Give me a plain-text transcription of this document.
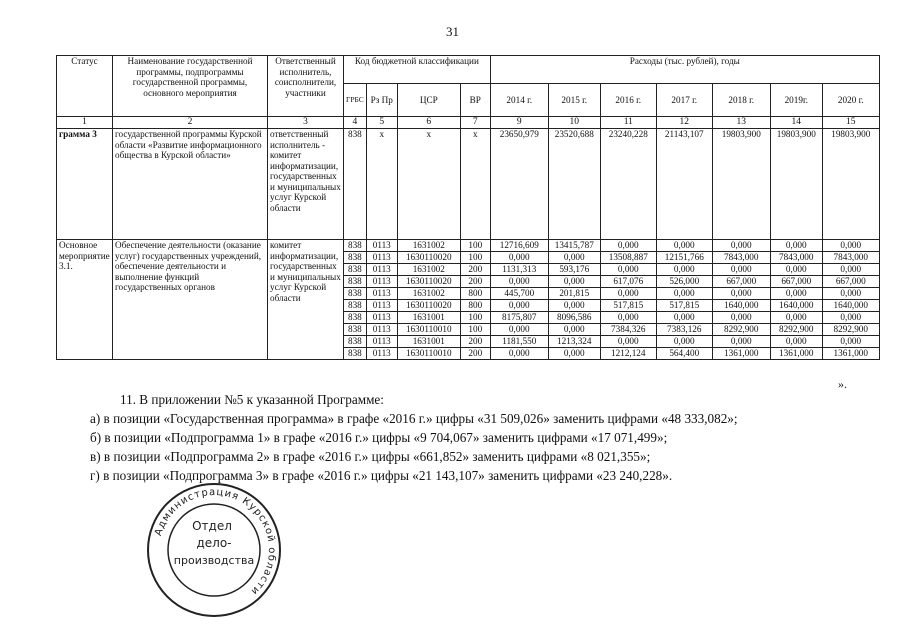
31
Статус	Наименование государственной программы, подпрограммы государственной программы, основного мероприятия	Ответственный исполнитель, соисполнители, участники	Код бюджетной классификации				Расходы (тыс. рублей), годы						
			ГРБС	Рз Пр	ЦСР	ВР	2014 г.	2015 г.	2016 г.	2017 г.	2018 г.	2019г.	2020 г.
1	2	3	4	5	6	7	9	10	11	12	13	14	15
грамма 3	государственной программы Курской области «Развитие информационного общества в Курской области»	ответственный исполнитель - комитет информатизации, государственных и муниципальных услуг Курской области	838	х	х	х	23650,979	23520,688	23240,228	21143,107	19803,900	19803,900	19803,900
Основное мероприятие 3.1.	Обеспечение деятельности (оказание услуг) государственных учреждений, обеспечение деятельности и выполнение функций государственных органов	комитет информатизации, государственных и муниципальных услуг Курской области	838	0113	1631002	100	12716,609	13415,787	0,000	0,000	0,000	0,000	0,000
			838	0113	1630110020	100	0,000	0,000	13508,887	12151,766	7843,000	7843,000	7843,000
			838	0113	1631002	200	1131,313	593,176	0,000	0,000	0,000	0,000	0,000
			838	0113	1630110020	200	0,000	0,000	617,076	526,000	667,000	667,000	667,000
			838	0113	1631002	800	445,700	201,815	0,000	0,000	0,000	0,000	0,000
			838	0113	1630110020	800	0,000	0,000	517,815	517,815	1640,000	1640,000	1640,000
			838	0113	1631001	100	8175,807	8096,586	0,000	0,000	0,000	0,000	0,000
			838	0113	1630110010	100	0,000	0,000	7384,326	7383,126	8292,900	8292,900	8292,900
			838	0113	1631001	200	1181,550	1213,324	0,000	0,000	0,000	0,000	0,000
			838	0113	1630110010	200	0,000	0,000	1212,124	564,400	1361,000	1361,000	1361,000
».

11. В приложении №5 к указанной Программе:

а) в позиции «Государственная программа» в графе «2016 г.» цифры «31 509,026» заменить цифрами «48 333,082»;

б) в позиции «Подпрограмма 1» в графе «2016 г.» цифры «9 704,067» заменить цифрами «17 071,499»;

в) в позиции «Подпрограмма 2» в графе «2016 г.» цифры «661,852» заменить цифрами «8 021,355»;

г) в позиции «Подпрограмма 3» в графе «2016 г.» цифры «21 143,107» заменить цифрами «23 240,228».

Администрация Курской области
Отдел
дело-
производства
